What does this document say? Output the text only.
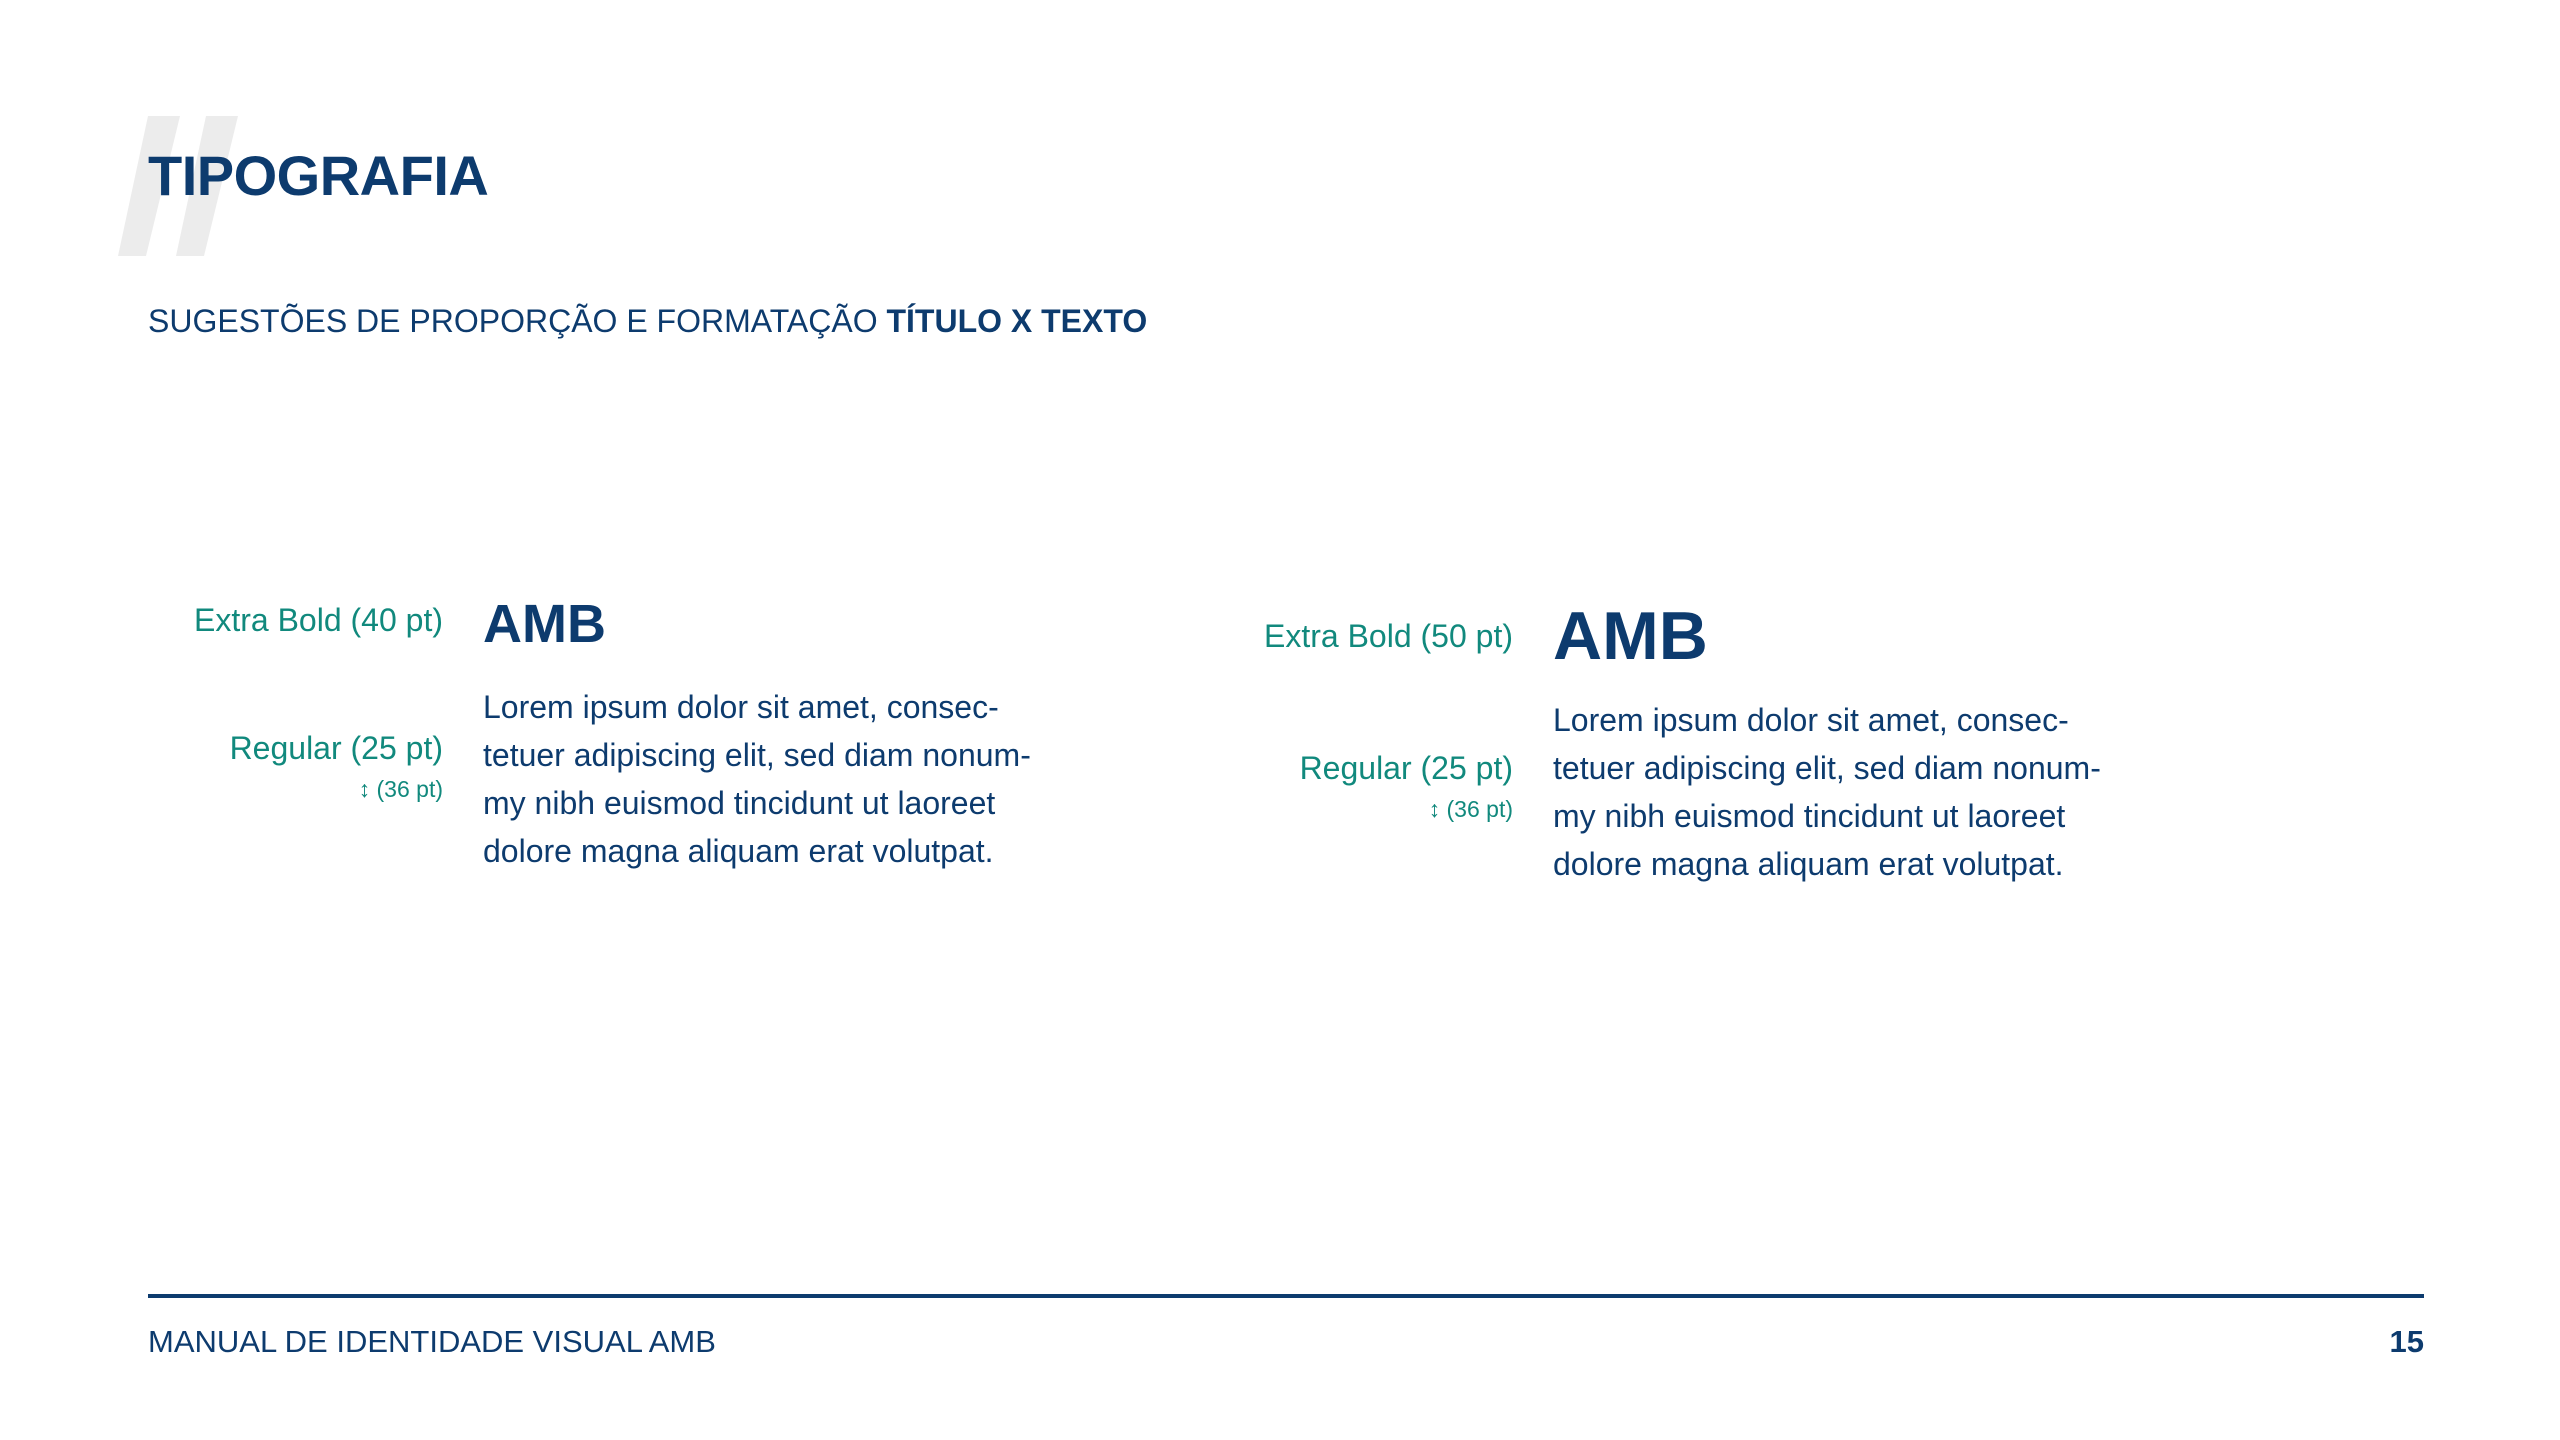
TIPOGRAFIA
SUGESTÕES DE PROPORÇÃO E FORMATAÇÃO TÍTULO X TEXTO
Extra Bold (40 pt)
Regular (25 pt)
↕ (36 pt)
AMB
Lorem ipsum dolor sit amet, consec-
tetuer adipiscing elit, sed diam nonum-
my nibh euismod tincidunt ut laoreet
dolore magna aliquam erat volutpat.
Extra Bold (50 pt)
Regular (25 pt)
↕ (36 pt)
AMB
Lorem ipsum dolor sit amet, consec-
tetuer adipiscing elit, sed diam nonum-
my nibh euismod tincidunt ut laoreet
dolore magna aliquam erat volutpat.
MANUAL DE IDENTIDADE VISUAL AMB	15
